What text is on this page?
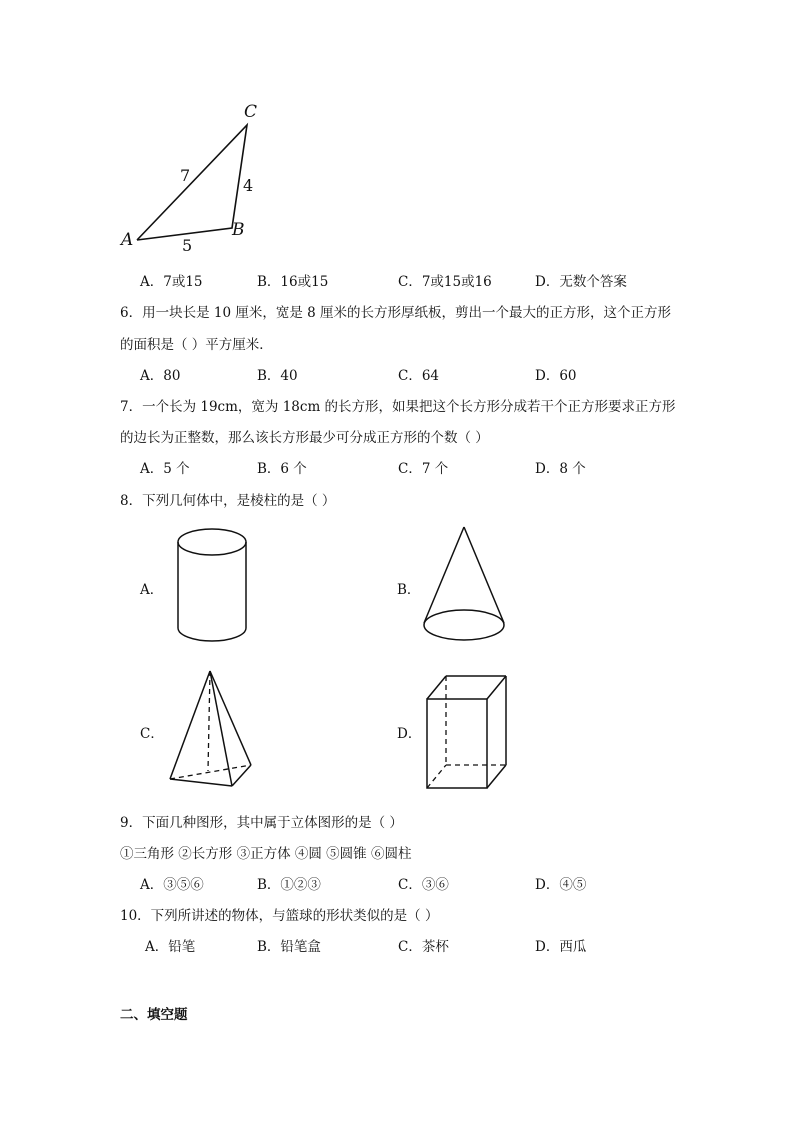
C
B
A
7
4
5
A．7或15	B．16或15	C．7或15或16	D．无数个答案
6．用一块长是 10 厘米，宽是 8 厘米的长方形厚纸板，剪出一个最大的正方形，这个正方形
的面积是（ ）平方厘米．
A．80	B．40	C．64	D．60
7．一个长为 19cm，宽为 18cm 的长方形，如果把这个长方形分成若干个正方形要求正方形
的边长为正整数，那么该长方形最少可分成正方形的个数（ ）
A．5 个	B．6 个	C．7 个	D．8 个
8．下列几何体中，是棱柱的是（ ）
A．	B．
C．	D．
9．下面几种图形，其中属于立体图形的是（ ）
①三角形 ②长方形 ③正方体 ④圆 ⑤圆锥 ⑥圆柱
A．③⑤⑥	B．①②③	C．③⑥	D．④⑤
10．下列所讲述的物体，与篮球的形状类似的是（ ）
A．铅笔	B．铅笔盒	C．茶杯	D．西瓜
二、填空题
